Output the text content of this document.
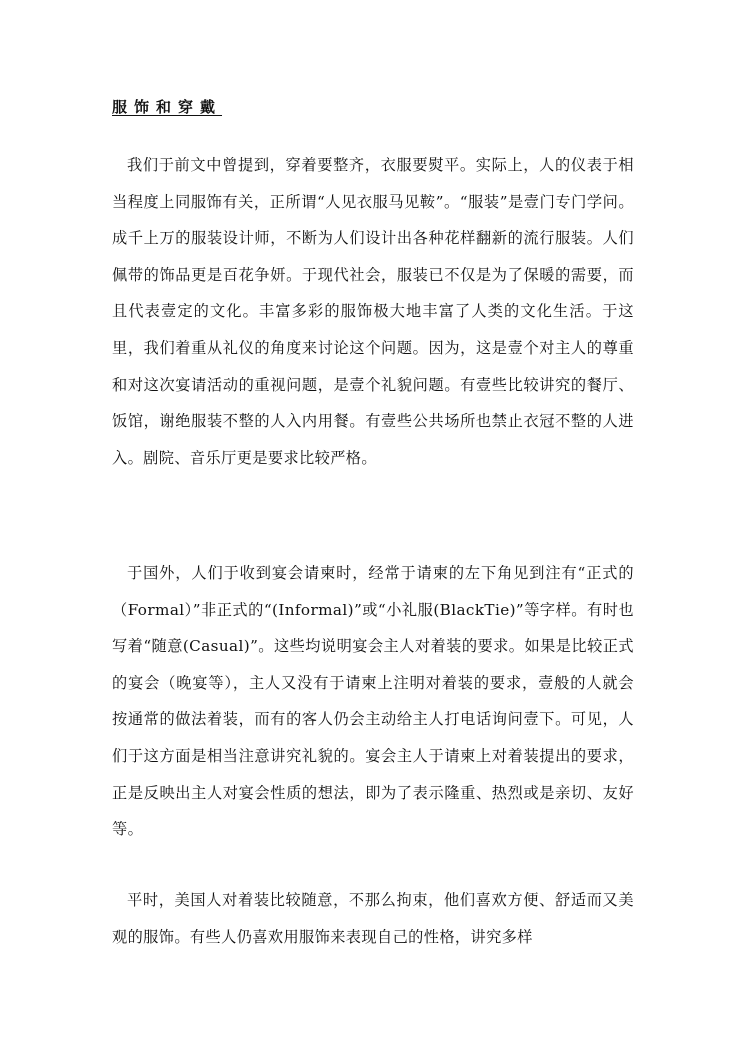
服饰和穿戴

我们于前文中曾提到，穿着要整齐，衣服要熨平。实际上，人的仪表于相当程度上同服饰有关，正所谓“人见衣服马见鞍”。“服装”是壹门专门学问。成千上万的服装设计师，不断为人们设计出各种花样翻新的流行服装。人们佩带的饰品更是百花争妍。于现代社会，服装已不仅是为了保暖的需要，而且代表壹定的文化。丰富多彩的服饰极大地丰富了人类的文化生活。于这里，我们着重从礼仪的角度来讨论这个问题。因为，这是壹个对主人的尊重和对这次宴请活动的重视问题，是壹个礼貌问题。有壹些比较讲究的餐厅、饭馆，谢绝服装不整的人入内用餐。有壹些公共场所也禁止衣冠不整的人进入。剧院、音乐厅更是要求比较严格。

于国外，人们于收到宴会请柬时，经常于请柬的左下角见到注有“正式的（Formal）”非正式的“(Informal)”或“小礼服(BlackTie)”等字样。有时也写着“随意(Casual)”。这些均说明宴会主人对着装的要求。如果是比较正式的宴会（晚宴等），主人又没有于请柬上注明对着装的要求，壹般的人就会按通常的做法着装，而有的客人仍会主动给主人打电话询问壹下。可见，人们于这方面是相当注意讲究礼貌的。宴会主人于请柬上对着装提出的要求，正是反映出主人对宴会性质的想法，即为了表示隆重、热烈或是亲切、友好等。

平时，美国人对着装比较随意，不那么拘束，他们喜欢方便、舒适而又美观的服饰。有些人仍喜欢用服饰来表现自己的性格，讲究多样
